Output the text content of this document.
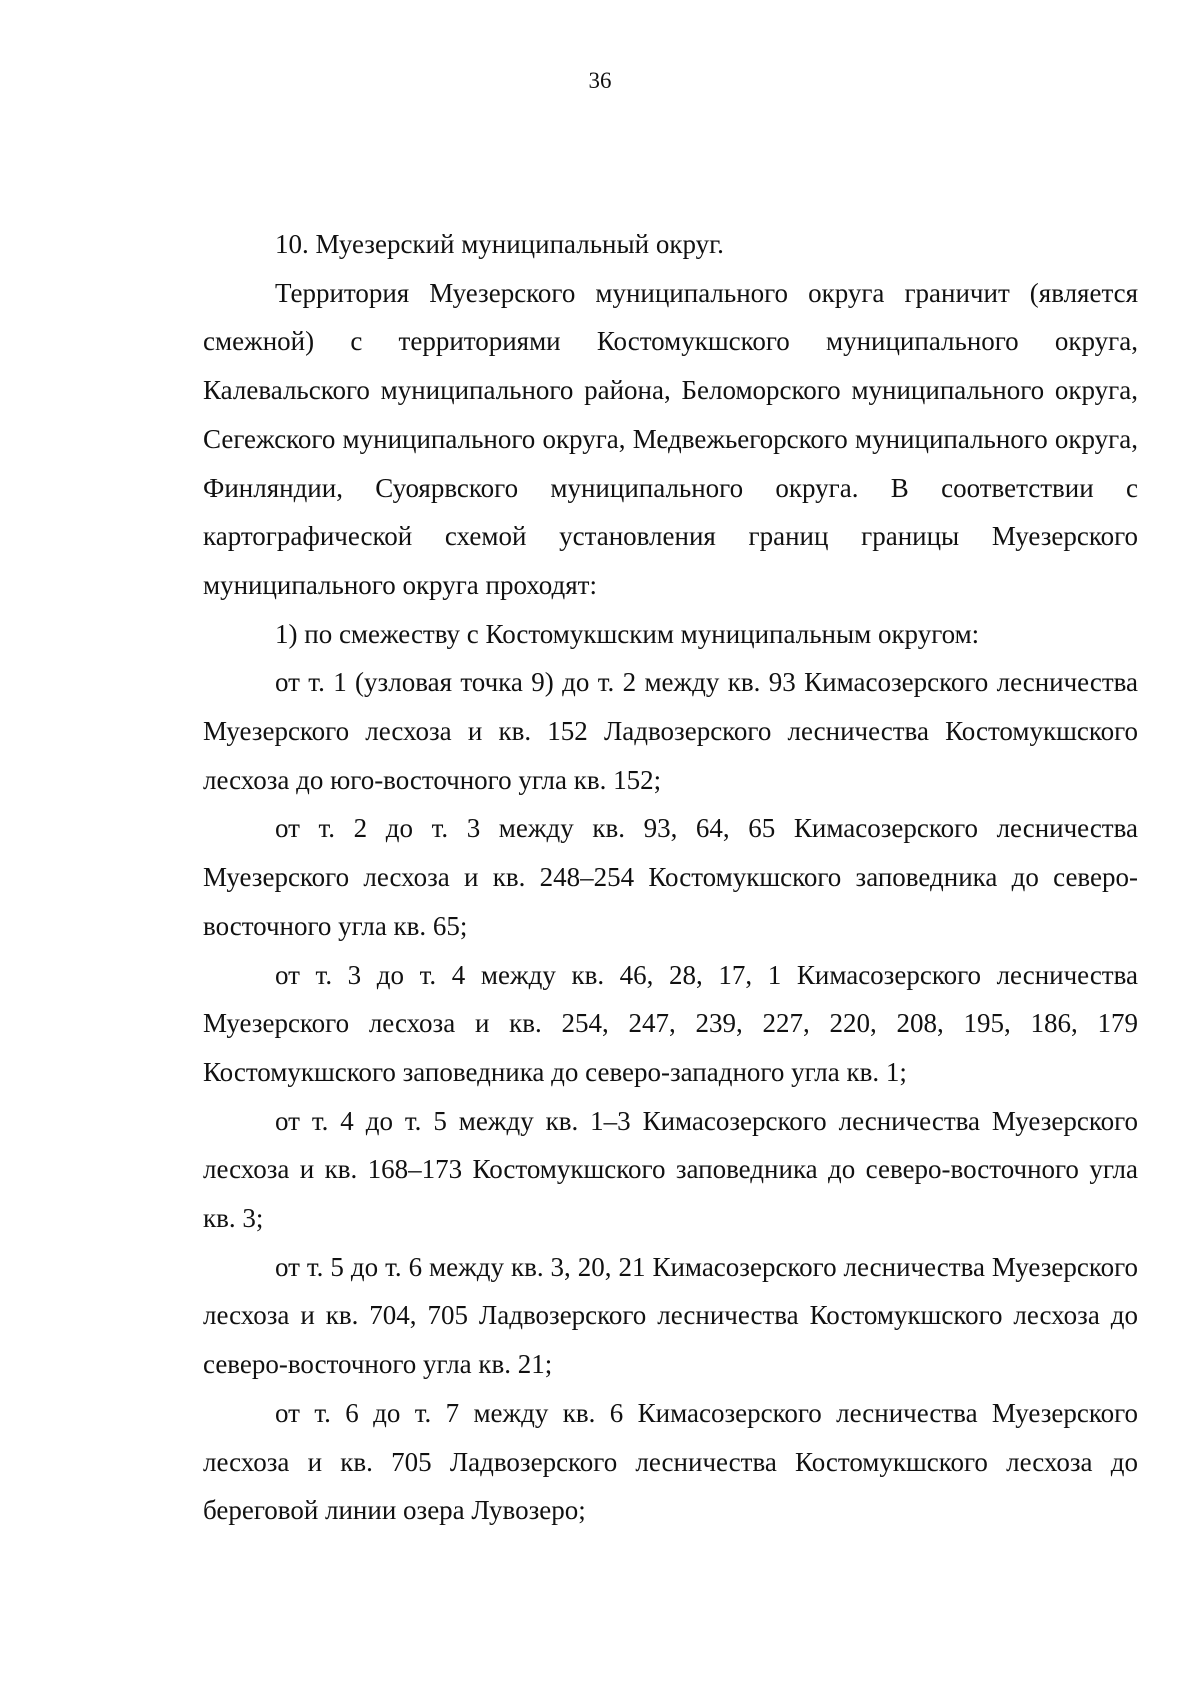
36

10. Муезерский муниципальный округ.

Территория Муезерского муниципального округа граничит (является смежной) с территориями Костомукшского муниципального округа, Калевальского муниципального района, Беломорского муниципального округа, Сегежского муниципального округа, Медвежьегорского муниципального округа, Финляндии, Суоярвского муниципального округа. В соответствии с картографической схемой установления границ границы Муезерского муниципального округа проходят:

1) по смежеству с Костомукшским муниципальным округом:

от т. 1 (узловая точка 9) до т. 2 между кв. 93 Кимасозерского лесничества Муезерского лесхоза и кв. 152 Ладвозерского лесничества Костомукшского лесхоза до юго-восточного угла кв. 152;

от т. 2 до т. 3 между кв. 93, 64, 65 Кимасозерского лесничества Муезерского лесхоза и кв. 248–254 Костомукшского заповедника до северо-восточного угла кв. 65;

от т. 3 до т. 4 между кв. 46, 28, 17, 1 Кимасозерского лесничества Муезерского лесхоза и кв. 254, 247, 239, 227, 220, 208, 195, 186, 179 Костомукшского заповедника до северо-западного угла кв. 1;

от т. 4 до т. 5 между кв. 1–3 Кимасозерского лесничества Муезерского лесхоза и кв. 168–173 Костомукшского заповедника до северо-восточного угла кв. 3;

от т. 5 до т. 6 между кв. 3, 20, 21 Кимасозерского лесничества Муезерского лесхоза и кв. 704, 705 Ладвозерского лесничества Костомукшского лесхоза до северо-восточного угла кв. 21;

от т. 6 до т. 7 между кв. 6 Кимасозерского лесничества Муезерского лесхоза и кв. 705 Ладвозерского лесничества Костомукшского лесхоза до береговой линии озера Лувозеро;
